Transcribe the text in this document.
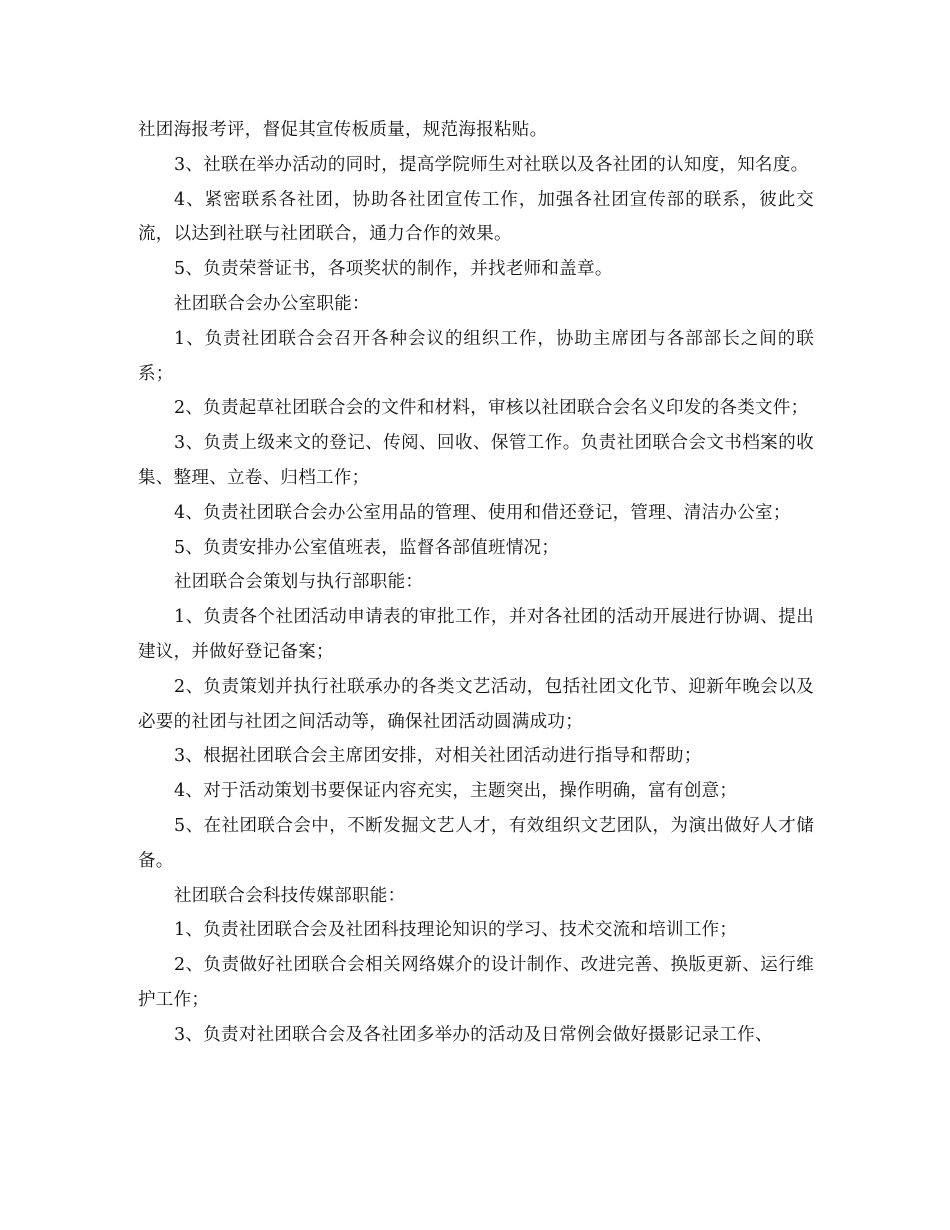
社团海报考评，督促其宣传板质量，规范海报粘贴。

3、社联在举办活动的同时，提高学院师生对社联以及各社团的认知度，知名度。

4、紧密联系各社团，协助各社团宣传工作，加强各社团宣传部的联系，彼此交流，以达到社联与社团联合，通力合作的效果。

5、负责荣誉证书，各项奖状的制作，并找老师和盖章。

社团联合会办公室职能：

1、负责社团联合会召开各种会议的组织工作，协助主席团与各部部长之间的联系；

2、负责起草社团联合会的文件和材料，审核以社团联合会名义印发的各类文件；

3、负责上级来文的登记、传阅、回收、保管工作。负责社团联合会文书档案的收集、整理、立卷、归档工作；

4、负责社团联合会办公室用品的管理、使用和借还登记，管理、清洁办公室；

5、负责安排办公室值班表，监督各部值班情况；

社团联合会策划与执行部职能：

1、负责各个社团活动申请表的审批工作，并对各社团的活动开展进行协调、提出建议，并做好登记备案；

2、负责策划并执行社联承办的各类文艺活动，包括社团文化节、迎新年晚会以及必要的社团与社团之间活动等，确保社团活动圆满成功；

3、根据社团联合会主席团安排，对相关社团活动进行指导和帮助；

4、对于活动策划书要保证内容充实，主题突出，操作明确，富有创意；

5、在社团联合会中，不断发掘文艺人才，有效组织文艺团队，为演出做好人才储备。

社团联合会科技传媒部职能：

1、负责社团联合会及社团科技理论知识的学习、技术交流和培训工作；

2、负责做好社团联合会相关网络媒介的设计制作、改进完善、换版更新、运行维护工作；

3、负责对社团联合会及各社团多举办的活动及日常例会做好摄影记录工作、
